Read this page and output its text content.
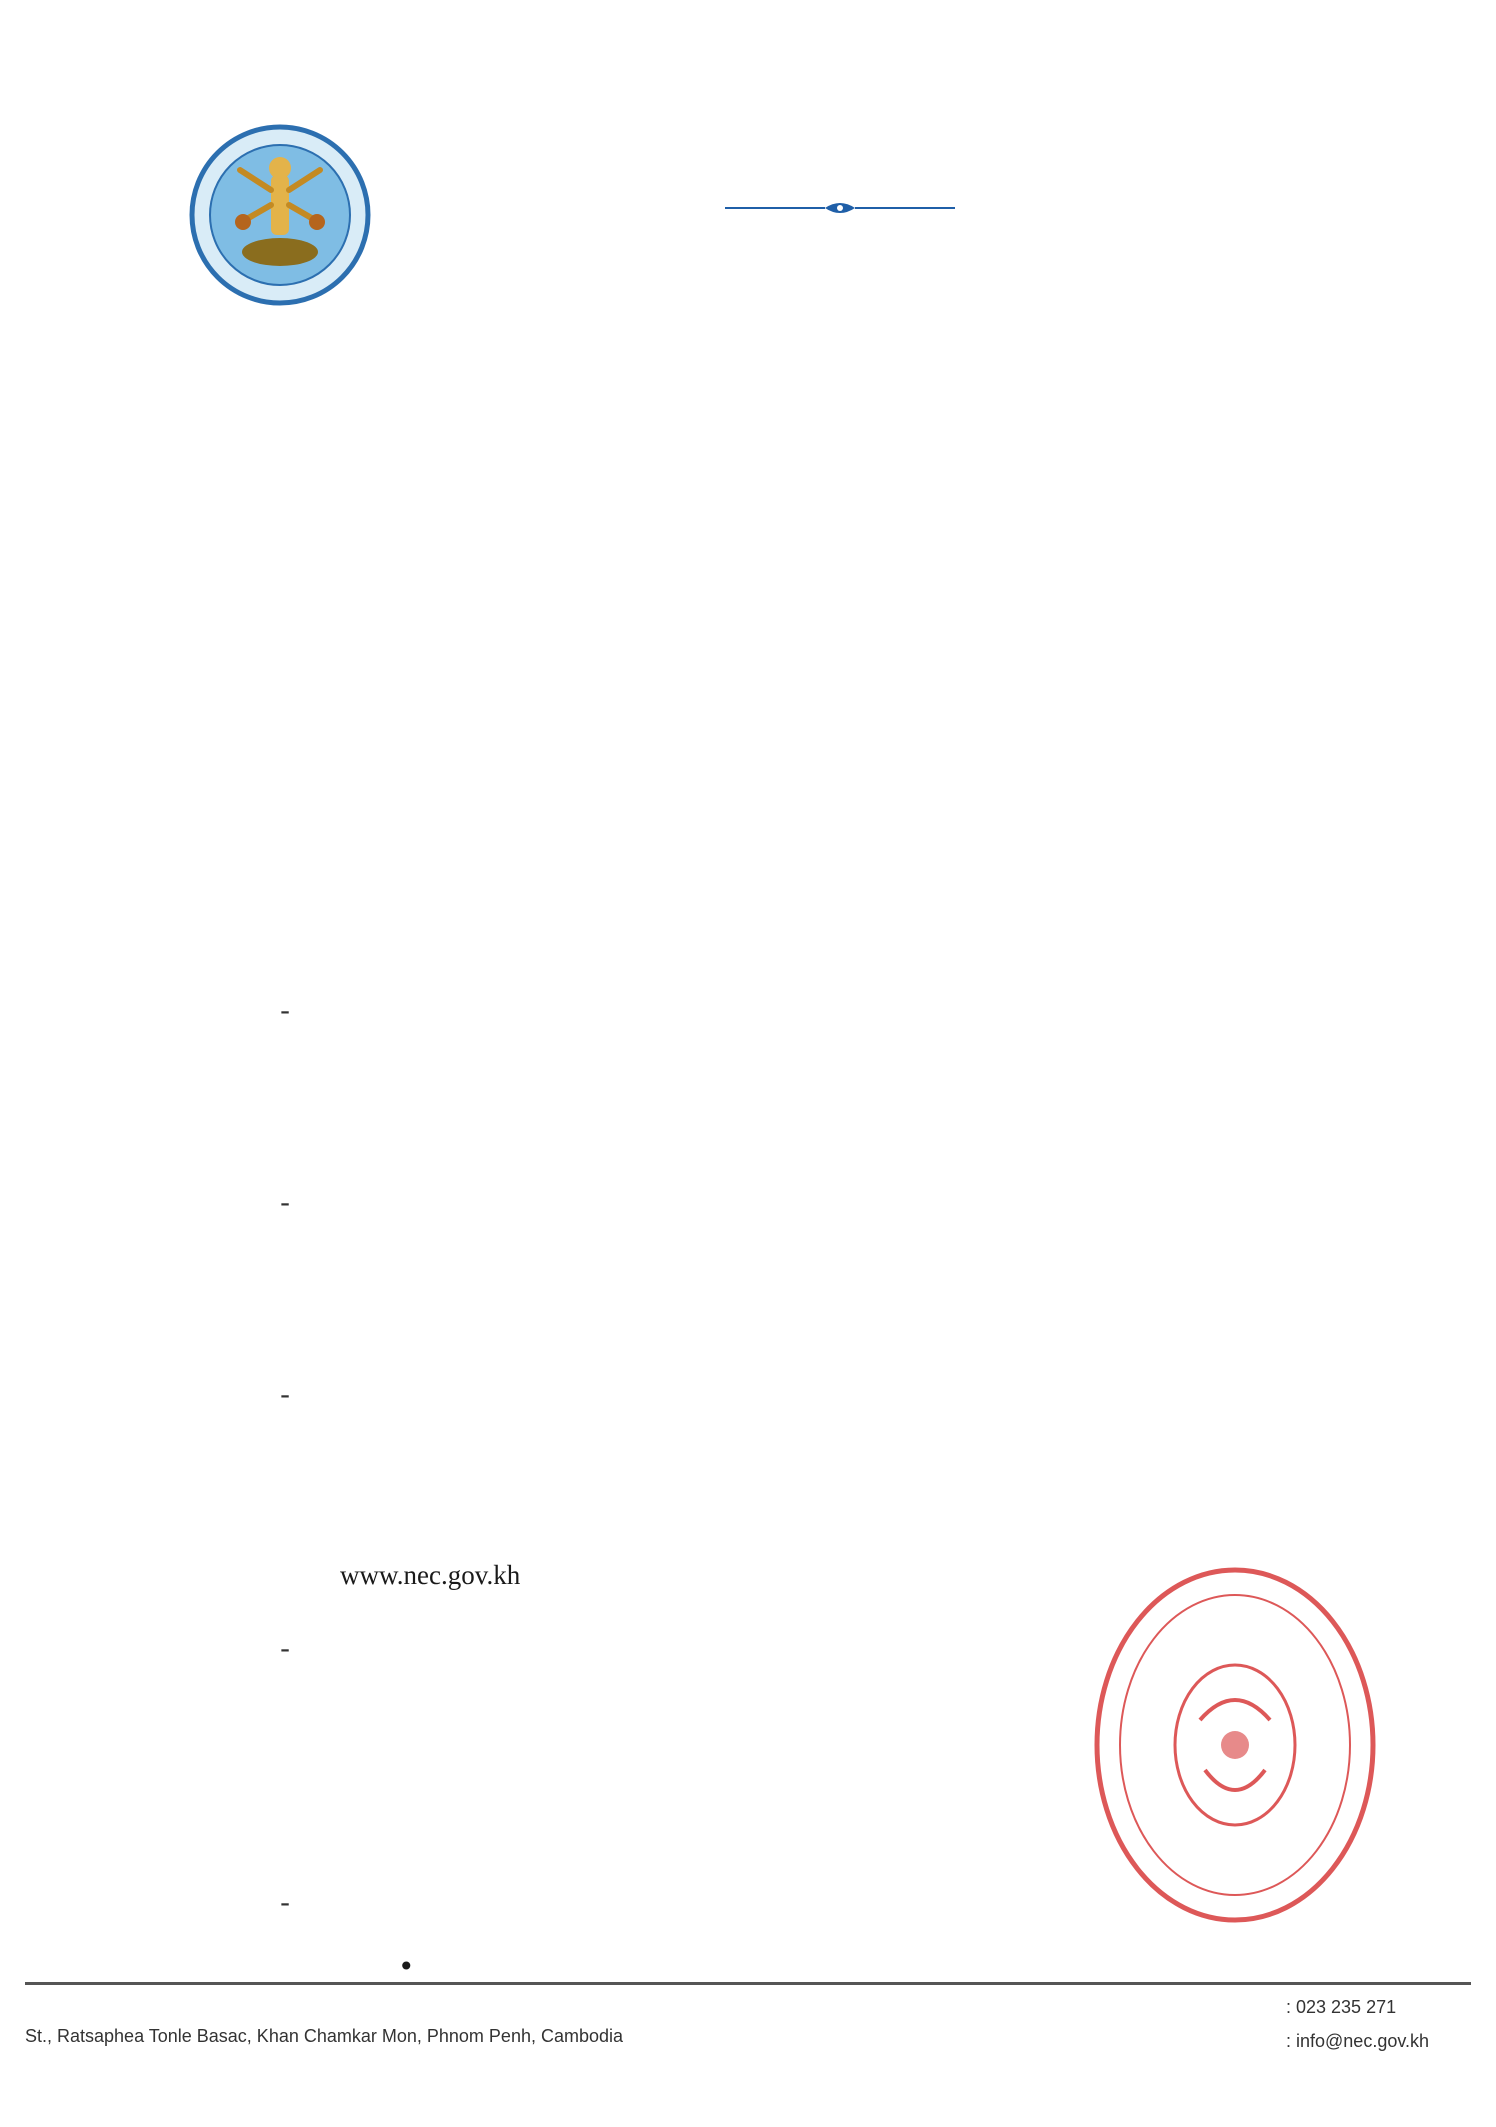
-
-
-
www.nec.gov.kh
-
-
•
St., Ratsaphea Tonle Basac, Khan Chamkar Mon, Phnom Penh, Cambodia
: 023 235 271
: info@nec.gov.kh
